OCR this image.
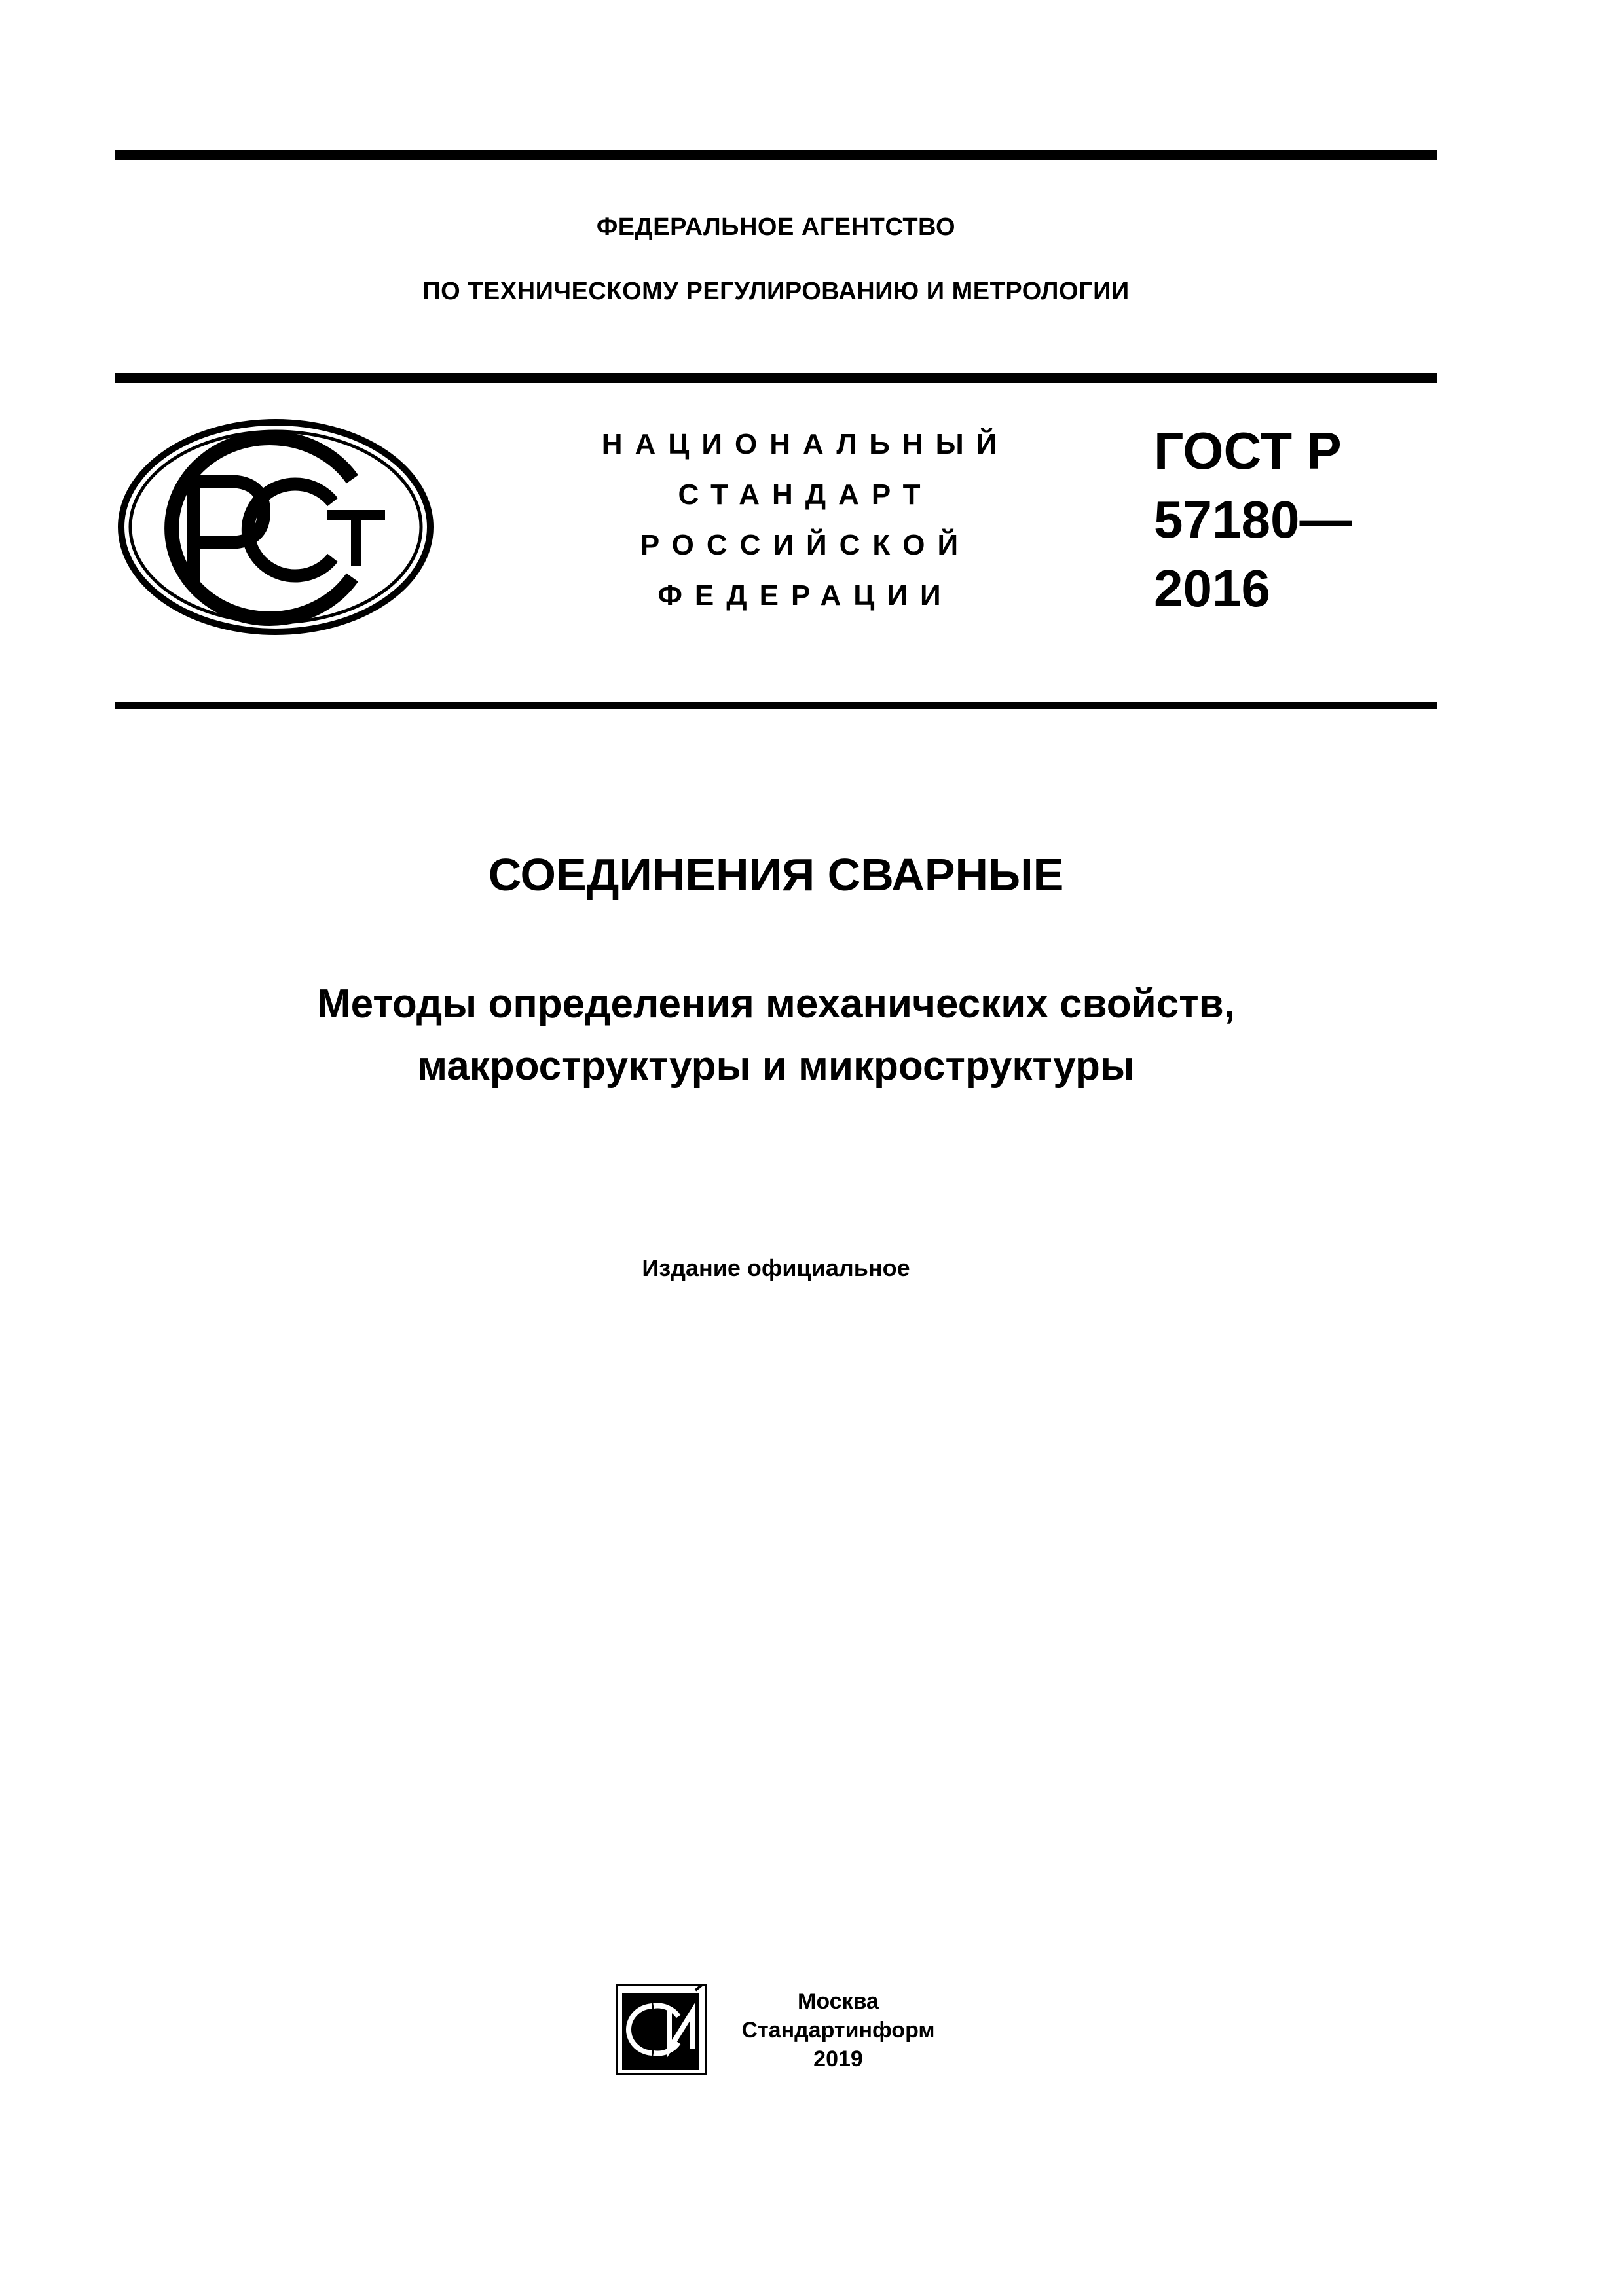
ФЕДЕРАЛЬНОЕ АГЕНТСТВО
ПО ТЕХНИЧЕСКОМУ РЕГУЛИРОВАНИЮ И МЕТРОЛОГИИ
НАЦИОНАЛЬНЫЙ
СТАНДАРТ
РОССИЙСКОЙ
ФЕДЕРАЦИИ
ГОСТ Р
57180—
2016
СОЕДИНЕНИЯ СВАРНЫЕ
Методы определения механических свойств,
макроструктуры и микроструктуры
Издание официальное
Москва
Стандартинформ
2019
